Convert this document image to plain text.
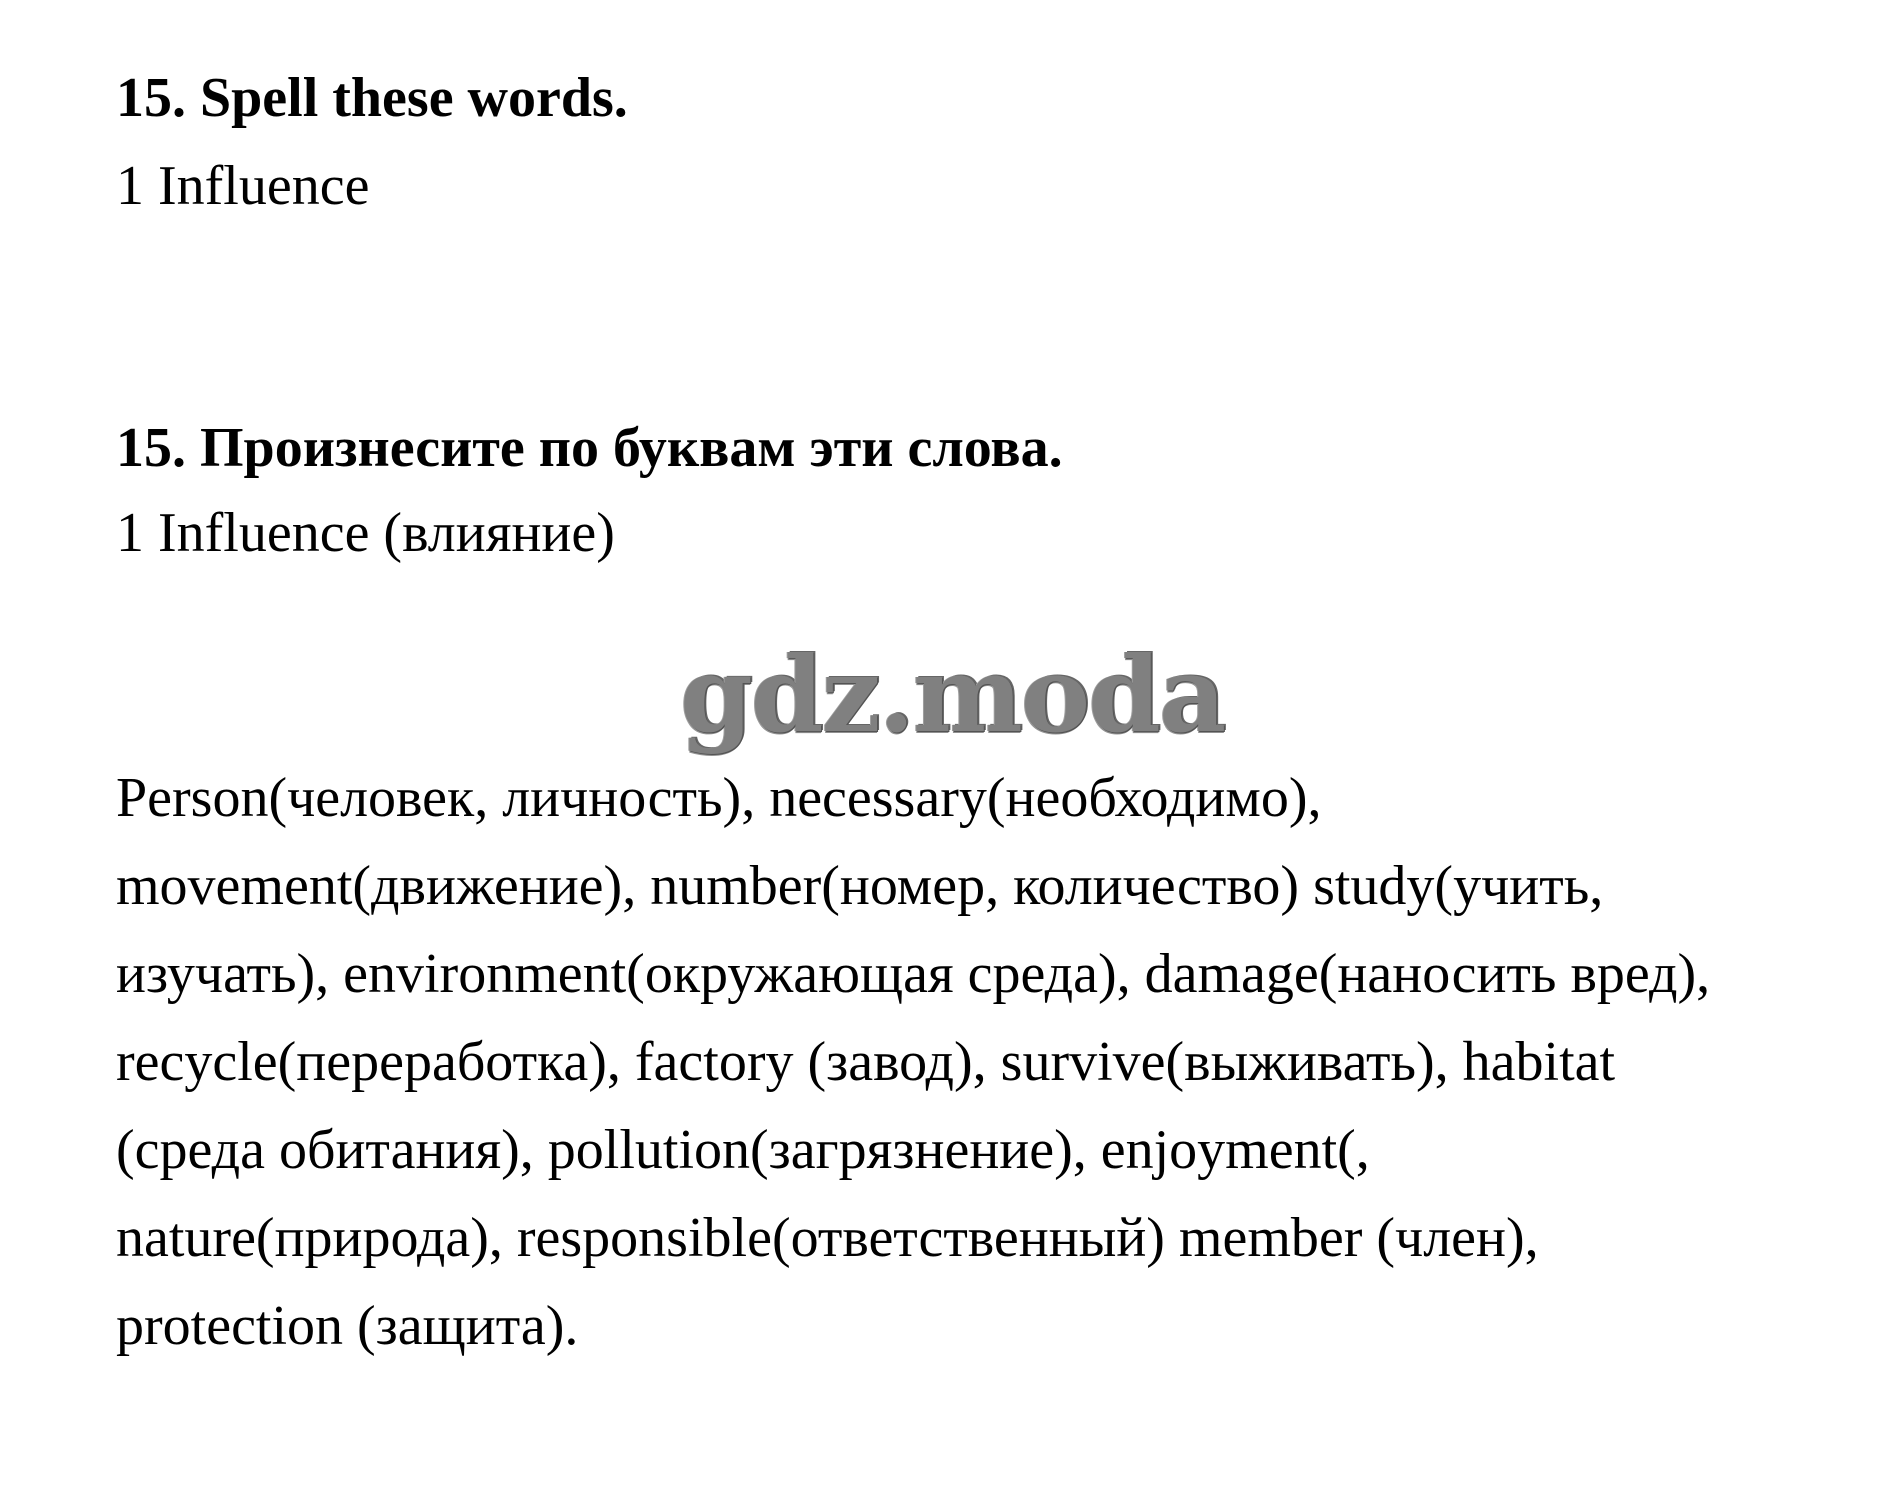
15. Spell these words.
1 Influence
15. Произнесите по буквам эти слова.
1 Influence (влияние)
gdz.moda
Person(человек, личность), necessary(необходимо),
movement(движение), number(номер, количество) study(учить,
изучать), environment(окружающая среда), damage(наносить вред),
recycle(переработка), factory (завод), survive(выживать), habitat
(среда обитания), pollution(загрязнение), enjoyment(,
nature(природа), responsible(ответственный) member (член),
protection (защита).
